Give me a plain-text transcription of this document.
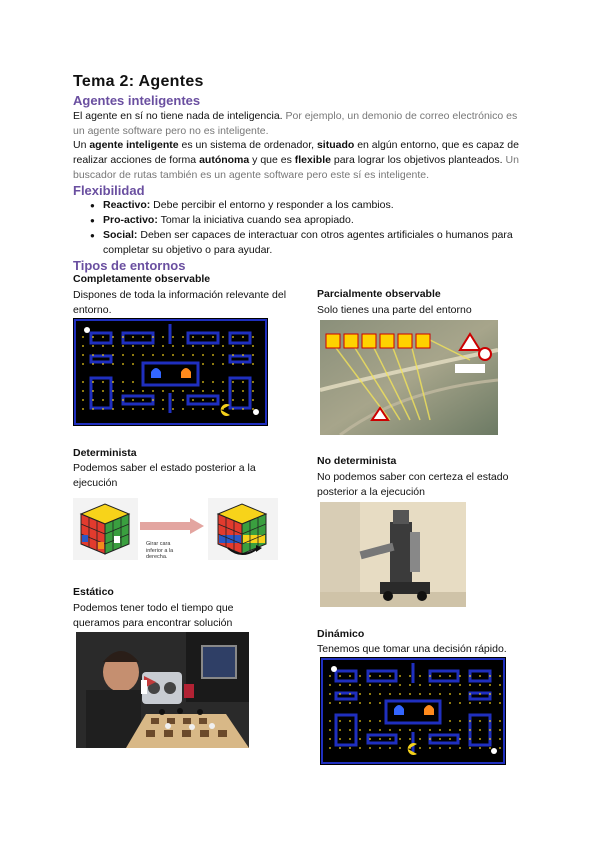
Tema 2: Agentes
Agentes inteligentes
El agente en sí no tiene nada de inteligencia. Por ejemplo, un demonio de correo electrónico es un agente software pero no es inteligente.
Un agente inteligente es un sistema de ordenador, situado en algún entorno, que es capaz de realizar acciones de forma autónoma y que es flexible para lograr los objetivos planteados. Un buscador de rutas también es un agente software pero este sí es inteligente.
Flexibilidad
● Reactivo: Debe percibir el entorno y responder a los cambios.
● Pro-activo: Tomar la iniciativa cuando sea apropiado.
● Social: Deben ser capaces de interactuar con otros agentes artificiales o humanos para completar su objetivo o para ayudar.
Tipos de entornos
Completamente observable
Dispones de toda la información relevante del entorno.
Parcialmente observable
Solo tienes una parte del entorno
Determinista
Podemos saber el estado posterior a la ejecución
Girar cara inferior a la derecha.
No determinista
No podemos saber con certeza el estado posterior a la ejecución
Estático
Podemos tener todo el tiempo que queramos para encontrar solución
Dinámico
Tenemos que tomar una decisión rápido.
